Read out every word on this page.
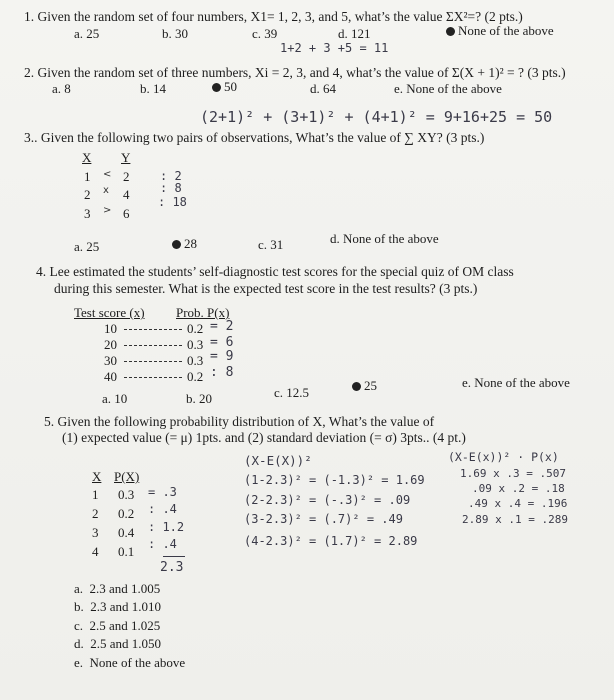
1. Given the random set of four numbers, X1= 1, 2, 3, and 5, what’s the value ΣX²=? (2 pts.)
a. 25	b. 30	c. 39	d. 121	None of the above
1+2 + 3 +5 = 11
2. Given the random set of three numbers, Xi = 2, 3, and 4, what’s the value of Σ(X + 1)² = ? (3 pts.)
a. 8	b. 14	50	d. 64	e. None of the above
(2+1)² + (3+1)² + (4+1)² = 9+16+25 = 50
3.. Given the following two pairs of observations, What’s the value of ∑ XY? (3 pts.)
X Y
1 < 2	: 2
2 x 4	: 8
3 > 6
: 18
a. 25	28	c. 31	d. None of the above
4. Lee estimated the students’ self-diagnostic test scores for the special quiz of OM class
during this semester. What is the expected test score in the test results? (3 pts.)
Test score (x) Prob. P(x)
10	0.2 = 2
20	0.3 = 6
30	0.3 = 9
40	0.2 : 8
a. 10	b. 20	c. 12.5	25	e. None of the above
5. Given the following probability distribution of X, What’s the value of
(1) expected value (= μ) 1pts. and (2) standard deviation (= σ) 3pts.. (4 pt.)
X P(X)
1 0.3 = .3
2 0.2 : .4
3 0.4 : 1.2
4 0.1 : .4
2.3
(X-E(X))²
(1-2.3)² = (-1.3)² = 1.69
(2-2.3)² = (-.3)² = .09
(3-2.3)² = (.7)² = .49
(4-2.3)² = (1.7)² = 2.89
(X-E(x))² · P(x)
1.69 x .3 = .507
.09 x .2 = .18
.49 x .4 = .196
2.89 x .1 = .289
a. 2.3 and 1.005
b. 2.3 and 1.010
c. 2.5 and 1.025
d. 2.5 and 1.050
e. None of the above
